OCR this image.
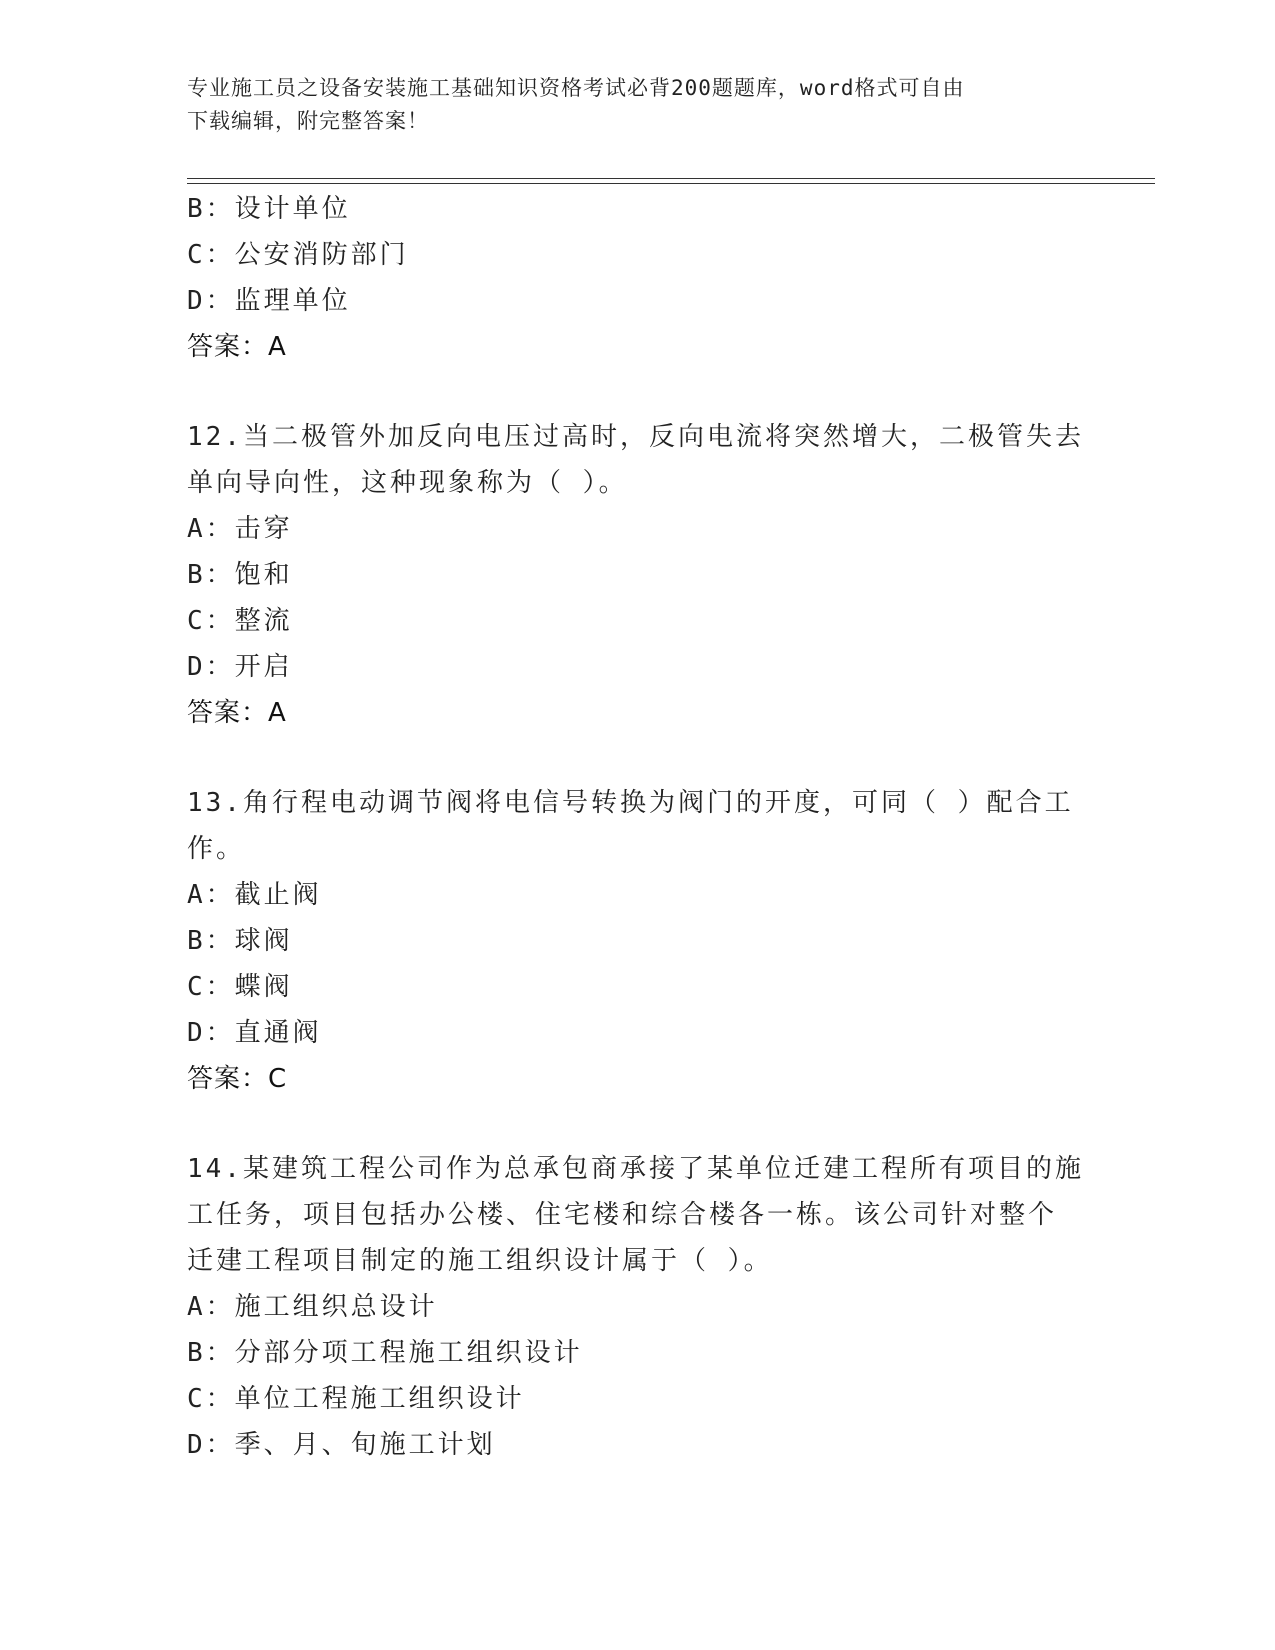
专业施工员之设备安装施工基础知识资格考试必背200题题库，word格式可自由
下载编辑，附完整答案！
B：设计单位
C：公安消防部门
D：监理单位
答案：A
12.当二极管外加反向电压过高时，反向电流将突然增大，二极管失去
单向导向性，这种现象称为（ ）。
A：击穿
B：饱和
C：整流
D：开启
答案：A
13.角行程电动调节阀将电信号转换为阀门的开度，可同（ ）配合工
作。
A：截止阀
B：球阀
C：蝶阀
D：直通阀
答案：C
14.某建筑工程公司作为总承包商承接了某单位迁建工程所有项目的施
工任务，项目包括办公楼、住宅楼和综合楼各一栋。该公司针对整个
迁建工程项目制定的施工组织设计属于（ ）。
A：施工组织总设计
B：分部分项工程施工组织设计
C：单位工程施工组织设计
D：季、月、旬施工计划
